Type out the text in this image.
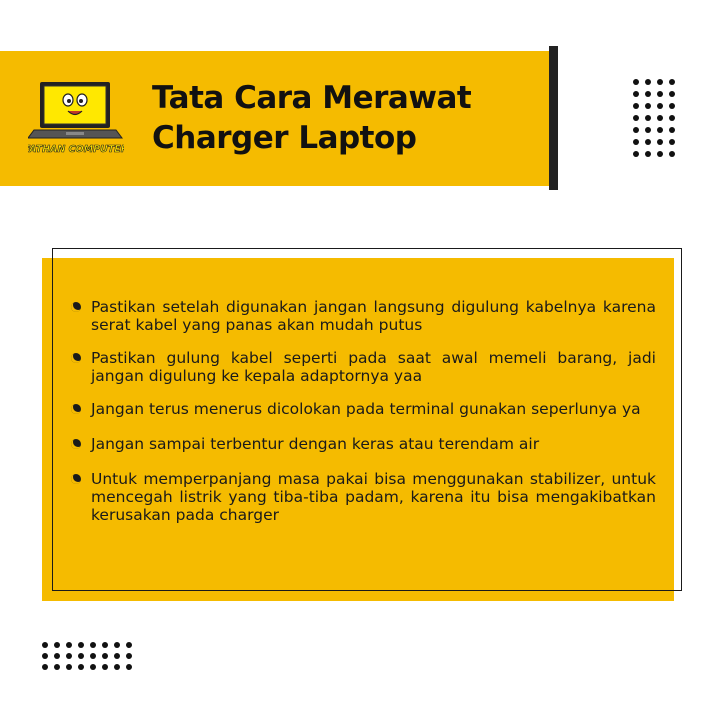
FATHAN COMPUTER
Tata Cara Merawat
Charger Laptop
Pastikan setelah digunakan jangan langsung digulung kabelnya karena serat kabel yang panas akan mudah putus
Pastikan gulung kabel seperti pada saat awal memeli barang, jadi jangan digulung ke kepala adaptornya yaa
Jangan terus menerus dicolokan pada terminal gunakan seperlunya ya
Jangan sampai terbentur dengan keras atau terendam air
Untuk memperpanjang masa pakai bisa menggunakan stabilizer, untuk mencegah listrik yang tiba-tiba padam, karena itu bisa mengakibatkan kerusakan pada charger
